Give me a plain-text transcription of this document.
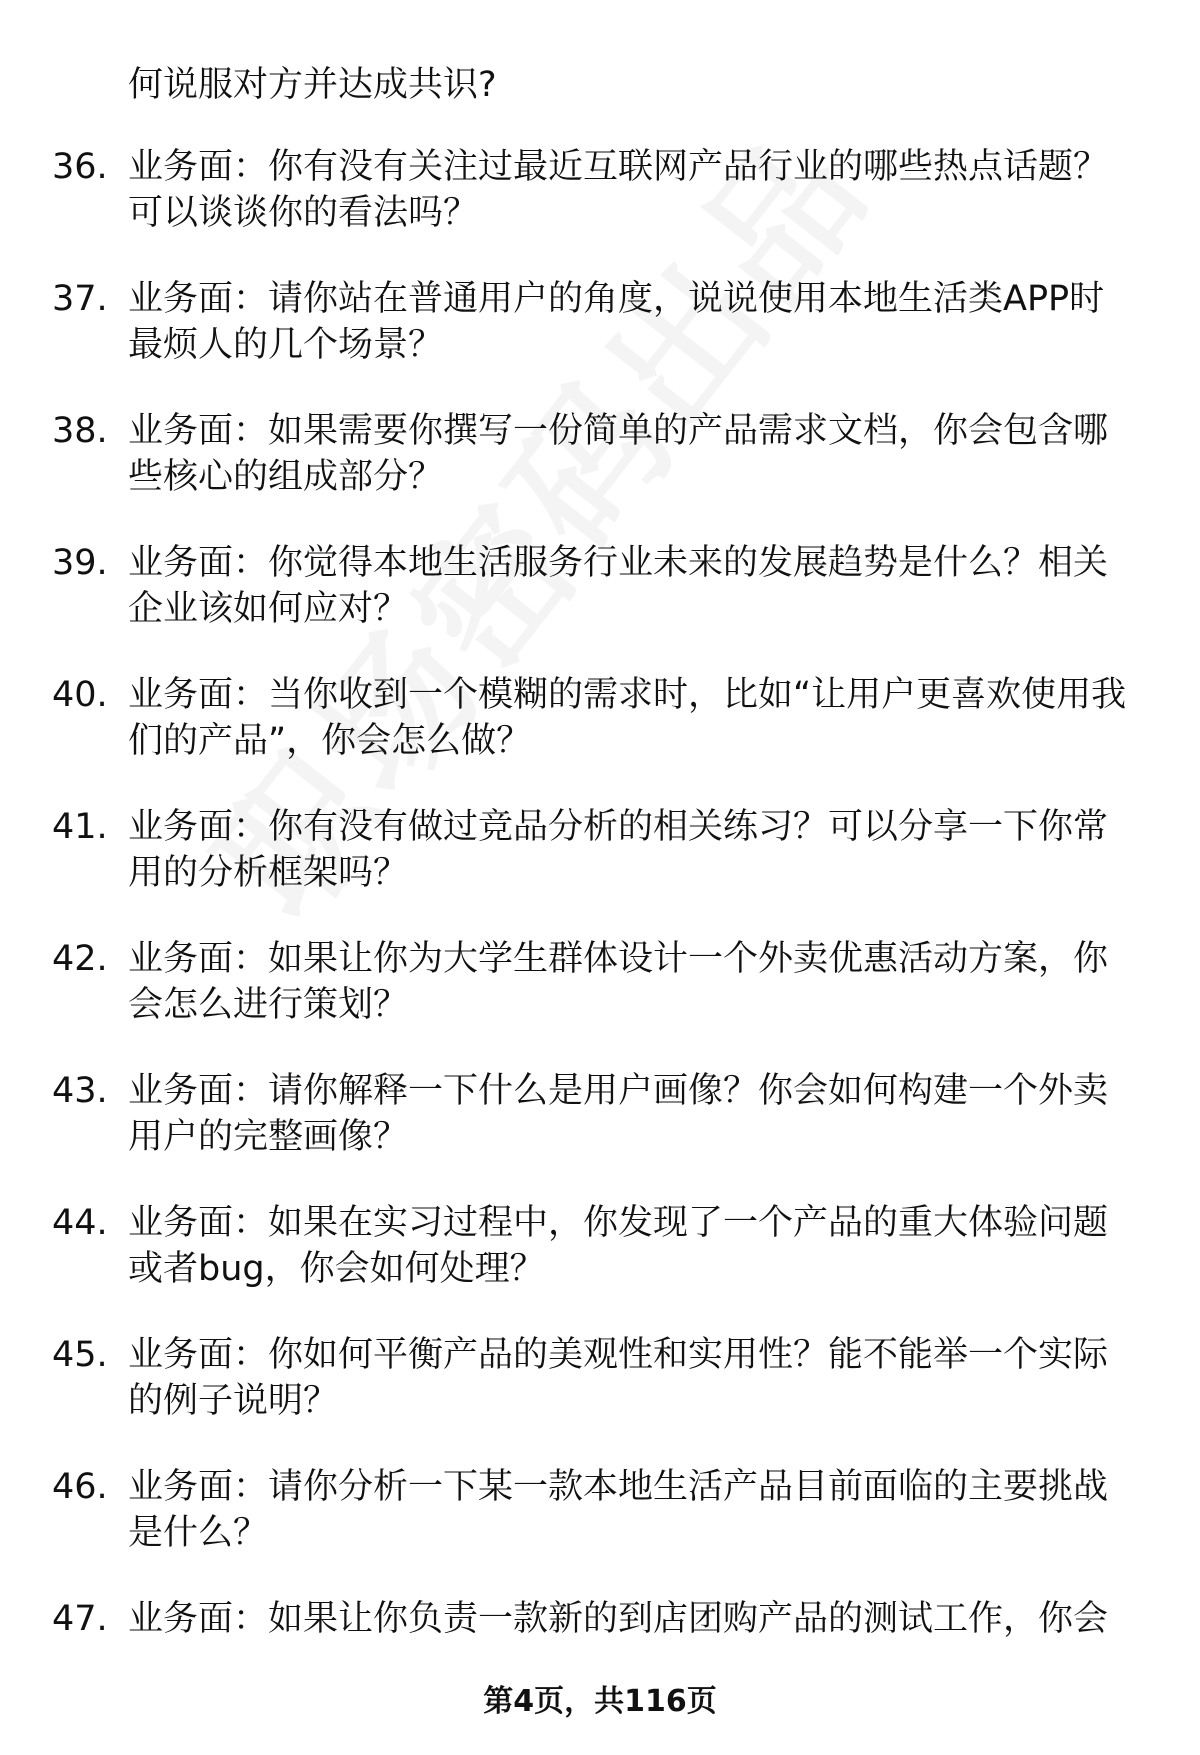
何说服对方并达成共识?
36. 业务面：你有没有关注过最近互联网产品行业的哪些热点话题？可以谈谈你的看法吗？
37. 业务面：请你站在普通用户的角度，说说使用本地生活类APP时最烦人的几个场景？
38. 业务面：如果需要你撰写一份简单的产品需求文档，你会包含哪些核心的组成部分？
39. 业务面：你觉得本地生活服务行业未来的发展趋势是什么？相关企业该如何应对？
40. 业务面：当你收到一个模糊的需求时，比如“让用户更喜欢使用我们的产品”，你会怎么做？
41. 业务面：你有没有做过竞品分析的相关练习？可以分享一下你常用的分析框架吗？
42. 业务面：如果让你为大学生群体设计一个外卖优惠活动方案，你会怎么进行策划？
43. 业务面：请你解释一下什么是用户画像？你会如何构建一个外卖用户的完整画像？
44. 业务面：如果在实习过程中，你发现了一个产品的重大体验问题或者bug，你会如何处理？
45. 业务面：你如何平衡产品的美观性和实用性？能不能举一个实际的例子说明？
46. 业务面：请你分析一下某一款本地生活产品目前面临的主要挑战是什么？
47. 业务面：如果让你负责一款新的到店团购产品的测试工作，你会
第4页，共116页
